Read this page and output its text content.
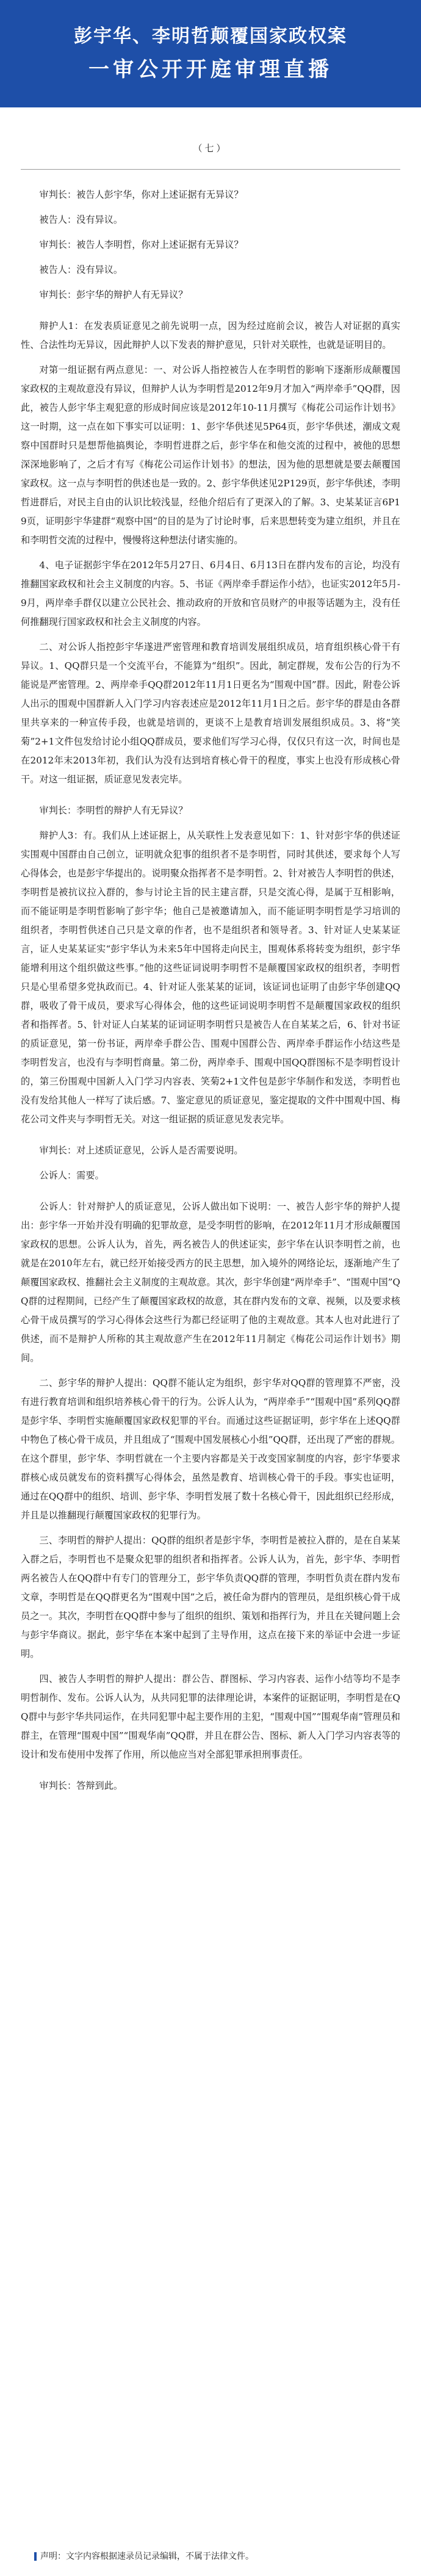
彭宇华、李明哲颠覆国家政权案
一审公开开庭审理直播
（七）

审判长：被告人彭宇华，你对上述证据有无异议？

被告人：没有异议。

审判长：被告人李明哲，你对上述证据有无异议？

被告人：没有异议。

审判长：彭宇华的辩护人有无异议？

辩护人1：在发表质证意见之前先说明一点，因为经过庭前会议，被告人对证据的真实性、合法性均无异议，因此辩护人以下发表的辩护意见，只针对关联性，也就是证明目的。

对第一组证据有两点意见：一、对公诉人指控被告人在李明哲的影响下逐渐形成颠覆国家政权的主观故意没有异议，但辩护人认为李明哲是2012年9月才加入“两岸牵手”QQ群，因此，被告人彭宇华主观犯意的形成时间应该是2012年10-11月撰写《梅花公司运作计划书》这一时期，这一点在如下事实可以证明：1、彭宇华供述见5P64页，彭宇华供述，潮成文观察中国群时只是想帮他搞舆论，李明哲进群之后，彭宇华在和他交流的过程中，被他的思想深深地影响了，之后才有写《梅花公司运作计划书》的想法，因为他的思想就是要去颠覆国家政权。这一点与李明哲的供述也是一致的。2、彭宇华供述见2P129页，彭宇华供述，李明哲进群后，对民主自由的认识比较浅显，经他介绍后有了更深入的了解。3、史某某证言6P19页，证明彭宇华建群“观察中国”的目的是为了讨论时事，后来思想转变为建立组织，并且在和李明哲交流的过程中，慢慢将这种想法付诸实施的。

4、电子证据彭宇华在2012年5月27日、6月4日、6月13日在群内发布的言论，均没有推翻国家政权和社会主义制度的内容。5、书证《两岸牵手群运作小结》，也证实2012年5月-9月，两岸牵手群仅以建立公民社会、推动政府的开放和官员财产的申报等话题为主，没有任何推翻现行国家政权和社会主义制度的内容。

二、对公诉人指控彭宇华遂进严密管理和教育培训发展组织成员，培育组织核心骨干有异议。1、QQ群只是一个交流平台，不能算为“组织”。因此，制定群规，发布公告的行为不能说是严密管理。2、两岸牵手QQ群2012年11月1日更名为“围观中国”群。因此，附卷公诉人出示的围观中国群新人入门学习内容表述应是2012年11月1日之后。彭宇华的群是由各群里共享来的一种宣传手段，也就是培训的，更谈不上是教育培训发展组织成员。3、将“笑菊”2+1文件包发给讨论小组QQ群成员，要求他们写学习心得，仅仅只有这一次，时间也是在2012年末2013年初，我们认为没有达到培育核心骨干的程度，事实上也没有形成核心骨干。对这一组证据，质证意见发表完毕。

审判长：李明哲的辩护人有无异议？

辩护人3：有。我们从上述证据上，从关联性上发表意见如下：1、针对彭宇华的供述证实围观中国群由自己创立，证明就众犯事的组织者不是李明哲，同时其供述，要求每个人写心得体会，也是彭宇华提出的。说明聚众指挥者不是李明哲。2、针对被告人李明哲的供述，李明哲是被抗议拉入群的，参与讨论主旨的民主建言群，只是交流心得，是属于互相影响，而不能证明是李明哲影响了彭宇华；他自己是被邀请加入，而不能证明李明哲是学习培训的组织者，李明哲供述自己只是文章的作者，也不是组织者和领导者。3、针对证人史某某证言，证人史某某证实“彭宇华认为未来5年中国将走向民主，围观体系将转变为组织，彭宇华能增利用这个组织做这些事。”他的这些证词说明李明哲不是颠覆国家政权的组织者，李明哲只是心里希望多党执政而已。4、针对证人张某某的证词，该证词也证明了由彭宇华创建QQ群，吸收了骨干成员，要求写心得体会，他的这些证词说明李明哲不是颠覆国家政权的组织者和指挥者。5、针对证人白某某的证词证明李明哲只是被告人在自某某之后，6、针对书证的质证意见，第一份书证，两岸牵手群公告、围观中国群公告、两岸牵手群运作小结这些是李明哲发言，也没有与李明哲商量。第二份，两岸牵手、围观中国QQ群图标不是李明哲设计的，第三份围观中国新人入门学习内容表、笑菊2+1文件包是彭宇华制作和发送，李明哲也没有发给其他人一样写了读后感。7、鉴定意见的质证意见，鉴定提取的文件中围观中国、梅花公司文件夹与李明哲无关。对这一组证据的质证意见发表完毕。

审判长：对上述质证意见，公诉人是否需要说明。

公诉人：需要。

公诉人：针对辩护人的质证意见，公诉人做出如下说明：一、被告人彭宇华的辩护人提出：彭宇华一开始并没有明确的犯罪故意，是受李明哲的影响，在2012年11月才形成颠覆国家政权的思想。公诉人认为，首先，两名被告人的供述证实，彭宇华在认识李明哲之前，也就是在2010年左右，就已经开始接受西方的民主思想，加入境外的网络论坛，逐渐地产生了颠覆国家政权、推翻社会主义制度的主观故意。其次，彭宇华创建“两岸牵手”、“围观中国”QQ群的过程期间，已经产生了颠覆国家政权的故意，其在群内发布的文章、视频，以及要求核心骨干成员撰写的学习心得体会这些行为都已经证明了他的主观故意。其本人也对此进行了供述，而不是辩护人所称的其主观故意产生在2012年11月制定《梅花公司运作计划书》期间。

二、彭宇华的辩护人提出：QQ群不能认定为组织，彭宇华对QQ群的管理算不严密，没有进行教育培训和组织培养核心骨干的行为。公诉人认为，“两岸牵手”“围观中国”系列QQ群是彭宇华、李明哲实施颠覆国家政权犯罪的平台。而通过这些证据证明，彭宇华在上述QQ群中物色了核心骨干成员，并且组成了“围观中国发展核心小组”QQ群，还出现了严密的群规。在这个群里，彭宇华、李明哲就在一个主要内容都是关于改变国家制度的内容，彭宇华要求群核心成员就发布的资料撰写心得体会，虽然是教育、培训核心骨干的手段。事实也证明，通过在QQ群中的组织、培训、彭宇华、李明哲发展了数十名核心骨干，因此组织已经形成，并且是以推翻现行颠覆国家政权的犯罪行为。

三、李明哲的辩护人提出：QQ群的组织者是彭宇华，李明哲是被拉入群的，是在自某某入群之后，李明哲也不是聚众犯罪的组织者和指挥者。公诉人认为，首先，彭宇华、李明哲两名被告人在QQ群中有专门的管理分工，彭宇华负责QQ群的管理，李明哲负责在群内发布文章，李明哲是在QQ群更名为“围观中国”之后，被任命为群内的管理员，是组织核心骨干成员之一。其次，李明哲在QQ群中参与了组织的组织、策划和指挥行为，并且在关键问题上会与彭宇华商议。据此，彭宇华在本案中起到了主导作用，这点在接下来的举证中会进一步证明。

四、被告人李明哲的辩护人提出：群公告、群图标、学习内容表、运作小结等均不是李明哲制作、发布。公诉人认为，从共同犯罪的法律理论讲，本案件的证据证明，李明哲是在QQ群中与彭宇华共同运作，在共同犯罪中起主要作用的主犯，“围观中国”“围观华南”管理员和群主，在管理“围观中国”“围观华南”QQ群，并且在群公告、图标、新人入门学习内容表等的设计和发布使用中发挥了作用，所以他应当对全部犯罪承担刑事责任。

审判长：答辩到此。

声明：文字内容根据速录员记录编辑，不属于法律文件。
